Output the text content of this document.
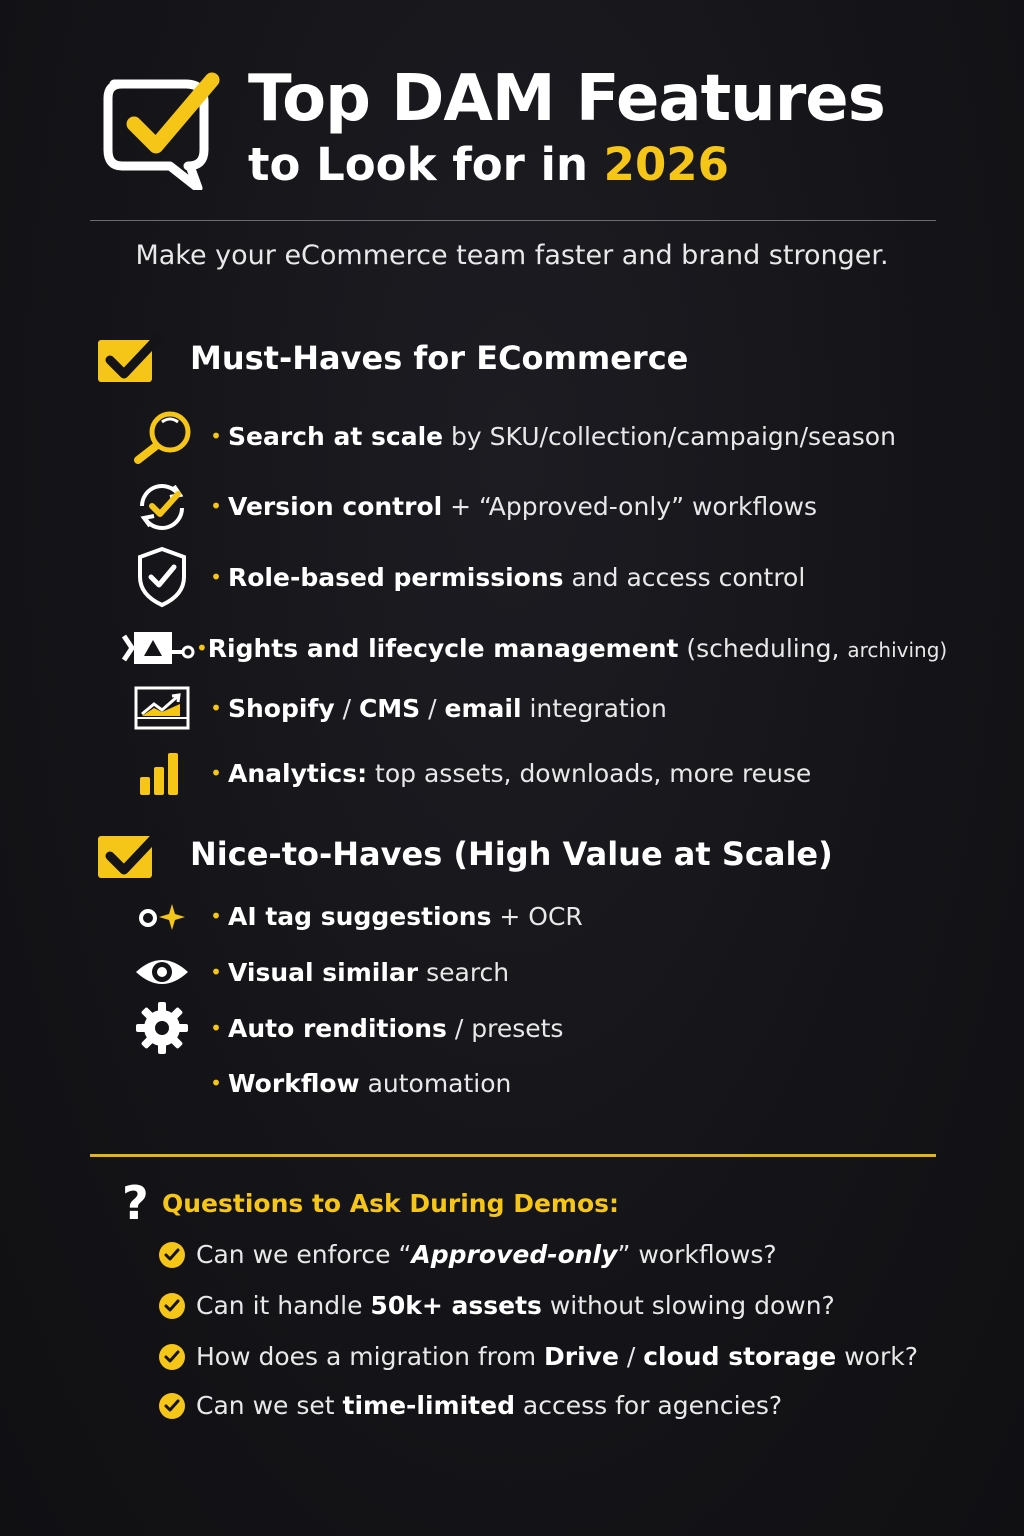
Top DAM Features
to Look for in 2026
Make your eCommerce team faster and brand stronger.
Must-Haves for ECommerce
• Search at scale by SKU/collection/campaign/season
• Version control + “Approved-only” workflows
• Role-based permissions and access control
• Rights and lifecycle management (scheduling, archiving)
• Shopify / CMS / email integration
• Analytics: top assets, downloads, more reuse
Nice-to-Haves (High Value at Scale)
• AI tag suggestions + OCR
• Visual similar search
• Auto renditions / presets
• Workflow automation
? Questions to Ask During Demos:
Can we enforce “Approved-only” workflows?
Can it handle 50k+ assets without slowing down?
How does a migration from Drive / cloud storage work?
Can we set time-limited access for agencies?
